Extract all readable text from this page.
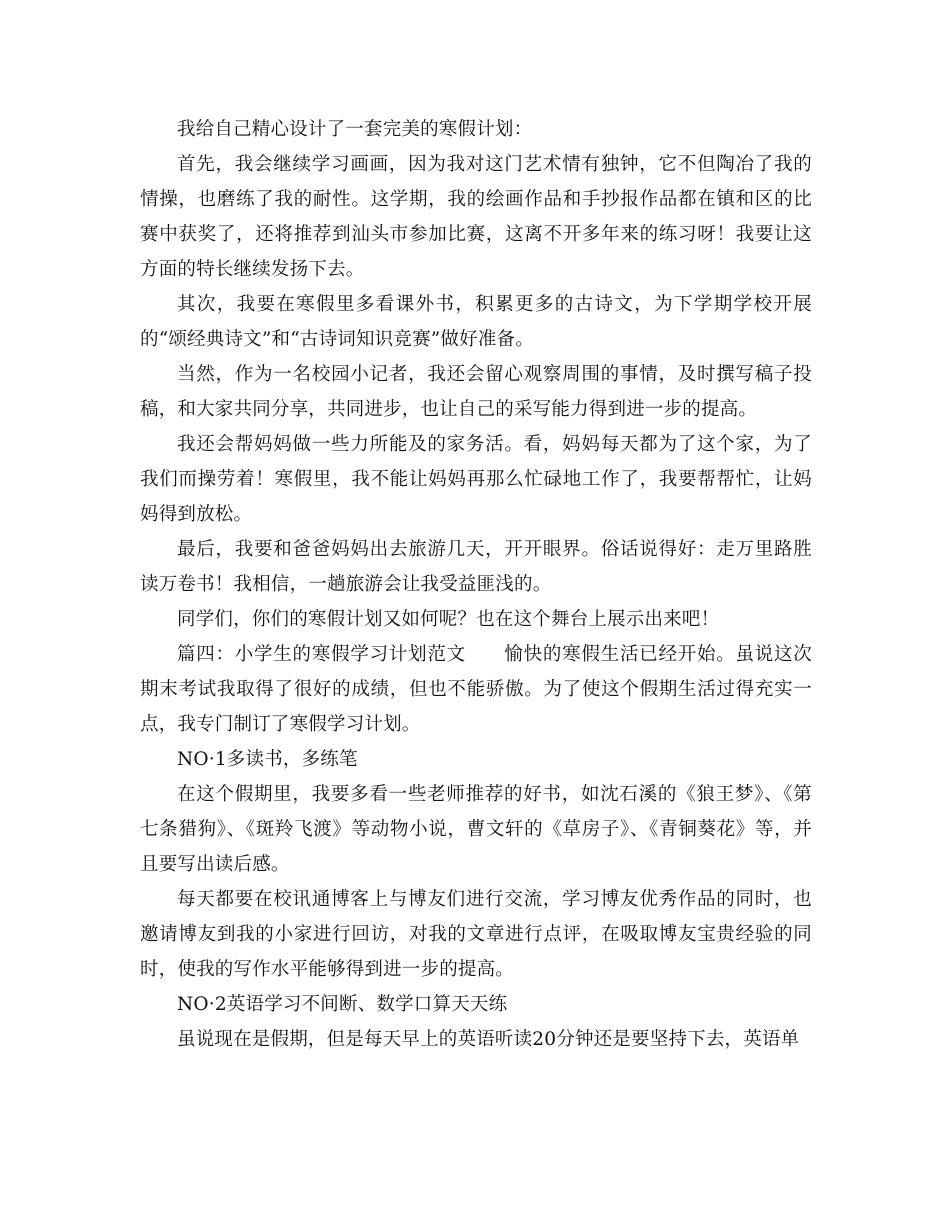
我给自己精心设计了一套完美的寒假计划：

首先，我会继续学习画画，因为我对这门艺术情有独钟，它不但陶冶了我的情操，也磨练了我的耐性。这学期，我的绘画作品和手抄报作品都在镇和区的比赛中获奖了，还将推荐到汕头市参加比赛，这离不开多年来的练习呀！我要让这方面的特长继续发扬下去。

其次，我要在寒假里多看课外书，积累更多的古诗文，为下学期学校开展的“颂经典诗文”和“古诗词知识竞赛”做好准备。

当然，作为一名校园小记者，我还会留心观察周围的事情，及时撰写稿子投稿，和大家共同分享，共同进步，也让自己的采写能力得到进一步的提高。

我还会帮妈妈做一些力所能及的家务活。看，妈妈每天都为了这个家，为了我们而操劳着！寒假里，我不能让妈妈再那么忙碌地工作了，我要帮帮忙，让妈妈得到放松。

最后，我要和爸爸妈妈出去旅游几天，开开眼界。俗话说得好：走万里路胜读万卷书！我相信，一趟旅游会让我受益匪浅的。

同学们，你们的寒假计划又如何呢？也在这个舞台上展示出来吧！

篇四：小学生的寒假学习计划范文　　愉快的寒假生活已经开始。虽说这次期末考试我取得了很好的成绩，但也不能骄傲。为了使这个假期生活过得充实一点，我专门制订了寒假学习计划。

NO·1多读书，多练笔

在这个假期里，我要多看一些老师推荐的好书，如沈石溪的《狼王梦》、《第七条猎狗》、《斑羚飞渡》等动物小说，曹文轩的《草房子》、《青铜葵花》等，并且要写出读后感。

每天都要在校讯通博客上与博友们进行交流，学习博友优秀作品的同时，也邀请博友到我的小家进行回访，对我的文章进行点评，在吸取博友宝贵经验的同时，使我的写作水平能够得到进一步的提高。

NO·2英语学习不间断、数学口算天天练

虽说现在是假期，但是每天早上的英语听读20分钟还是要坚持下去，英语单
